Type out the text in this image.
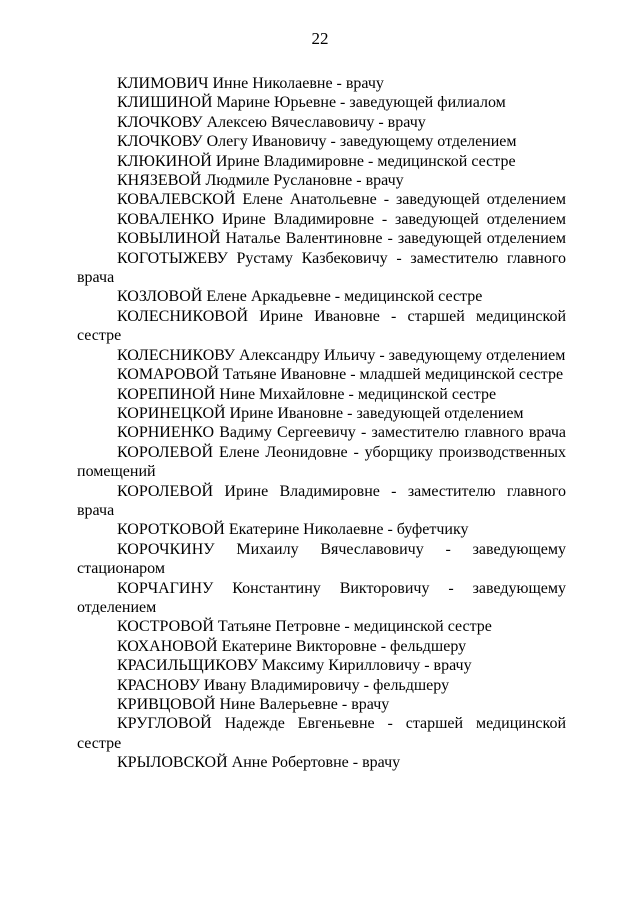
22
КЛИМОВИЧ Инне Николаевне - врачу
КЛИШИНОЙ Марине Юрьевне - заведующей филиалом
КЛОЧКОВУ Алексею Вячеславовичу - врачу
КЛОЧКОВУ Олегу Ивановичу - заведующему отделением
КЛЮКИНОЙ Ирине Владимировне - медицинской сестре
КНЯЗЕВОЙ Людмиле Руслановне - врачу
КОВАЛЕВСКОЙ Елене Анатольевне - заведующей отделением
КОВАЛЕНКО Ирине Владимировне - заведующей отделением
КОВЫЛИНОЙ Наталье Валентиновне - заведующей отделением
КОГОТЫЖЕВУ Рустаму Казбековичу - заместителю главного врача
КОЗЛОВОЙ Елене Аркадьевне - медицинской сестре
КОЛЕСНИКОВОЙ Ирине Ивановне - старшей медицинской сестре
КОЛЕСНИКОВУ Александру Ильичу - заведующему отделением
КОМАРОВОЙ Татьяне Ивановне - младшей медицинской сестре
КОРЕПИНОЙ Нине Михайловне - медицинской сестре
КОРИНЕЦКОЙ Ирине Ивановне - заведующей отделением
КОРНИЕНКО Вадиму Сергеевичу - заместителю главного врача
КОРОЛЕВОЙ Елене Леонидовне - уборщику производственных помещений
КОРОЛЕВОЙ Ирине Владимировне - заместителю главного врача
КОРОТКОВОЙ Екатерине Николаевне - буфетчику
КОРОЧКИНУ Михаилу Вячеславовичу - заведующему стационаром
КОРЧАГИНУ Константину Викторовичу - заведующему отделением
КОСТРОВОЙ Татьяне Петровне - медицинской сестре
КОХАНОВОЙ Екатерине Викторовне - фельдшеру
КРАСИЛЬЩИКОВУ Максиму Кирилловичу - врачу
КРАСНОВУ Ивану Владимировичу - фельдшеру
КРИВЦОВОЙ Нине Валерьевне - врачу
КРУГЛОВОЙ Надежде Евгеньевне - старшей медицинской сестре
КРЫЛОВСКОЙ Анне Робертовне - врачу
